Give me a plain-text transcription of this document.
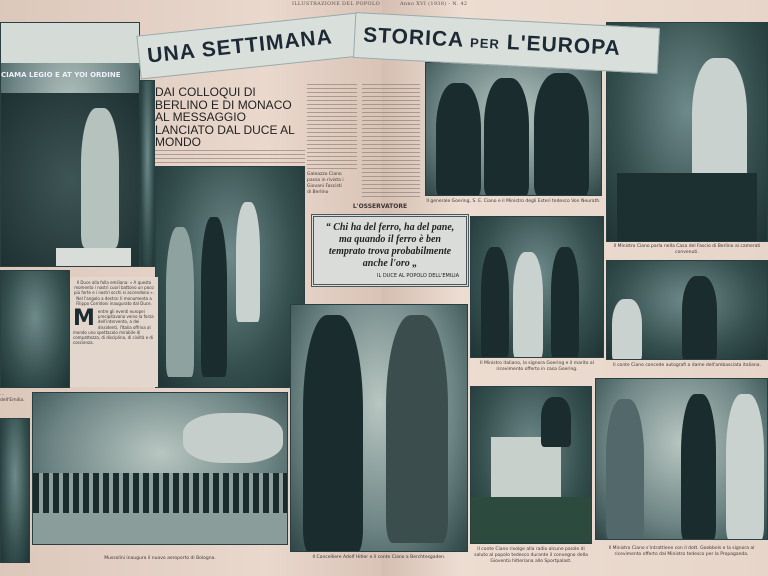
ILLUSTRAZIONE DEL POPOLO	Anno XVI (1938) - N. 42
CIAMA LEGIO E AT YOI ORDINE
UNA SETTIMANA	STORICA PER L'EUROPA
DAI COLLOQUI DI BERLINO E DI MONACO AL MESSAGGIO LANCIATO DAL DUCE AL MONDO
Galeazzo Ciano passa in rivista i Giovani Fascisti di Berlino
L'OSSERVATORE

“ Chi ha del ferro, ha del pane, ma quando il ferro è ben temprato trova probabilmente anche l'oro „

IL DUCE AL POPOLO DELL'EMILIA
Il generale Goering, S. E. Ciano e il Ministro degli Esteri tedesco Von Neurath.
Il Ministro Ciano parla nella Casa del Fascio di Berlino ai camerati convenuti.
Il Ministro italiano, la signora Goering e il marito al ricevimento offerto in casa Goering.
Il conte Ciano concede autografi a dame dell'ambasciata italiana.
Il Duce alla folla emiliana: « A questo momento i nostri cuori battono un poco più forte e i nostri occhi si accendono ». Nel l'angolo a destra: Il monumento a Filippo Corridoni inaugurato dal Duce.
M entre gli eventi europei precipitavano verso la forza dell'intervento, a dei dissidenti, l'Italia offriva al mondo uno spettacolo mirabile di compattezza, di disciplina, di civiltà e di coscienza.
... dell'Emilia.
Mussolini inaugura il nuovo aeroporto di Bologna.	Il Cancelliere Adolf Hitler e il conte Ciano a Berchtesgaden.
Il conte Ciano rivolge alla radio alcune parole di saluto al popolo tedesco durante il convegno della Gioventù hitleriana allo Sportpalast.
Il Ministro Ciano s'intrattiene con il dott. Goebbels e la signora al ricevimento offerto dal Ministro tedesco per la Propaganda.
